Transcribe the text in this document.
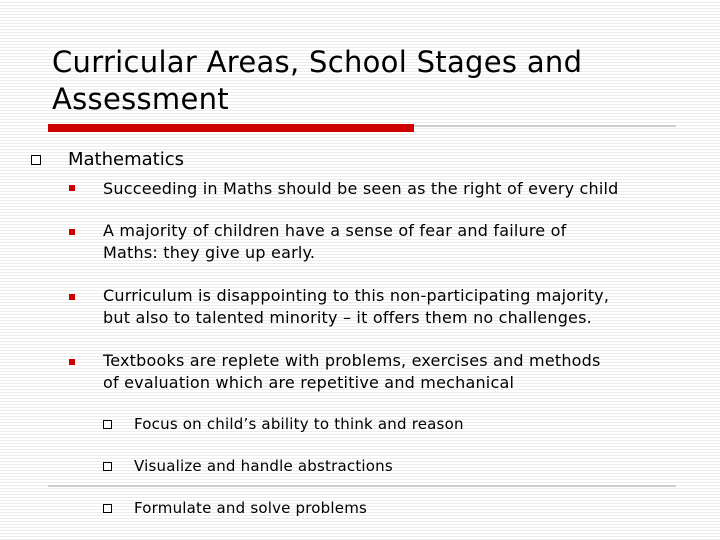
Curricular Areas, School Stages and
Assessment
Mathematics
Succeeding in Maths should be seen as the right of every child
A majority of children have a sense of fear and failure of
Maths: they give up early.
Curriculum is disappointing to this non-participating majority,
but also to talented minority – it offers them no challenges.
Textbooks are replete with problems, exercises and methods
of evaluation which are repetitive and mechanical
Focus on child’s ability to think and reason
Visualize and handle abstractions
Formulate and solve problems
